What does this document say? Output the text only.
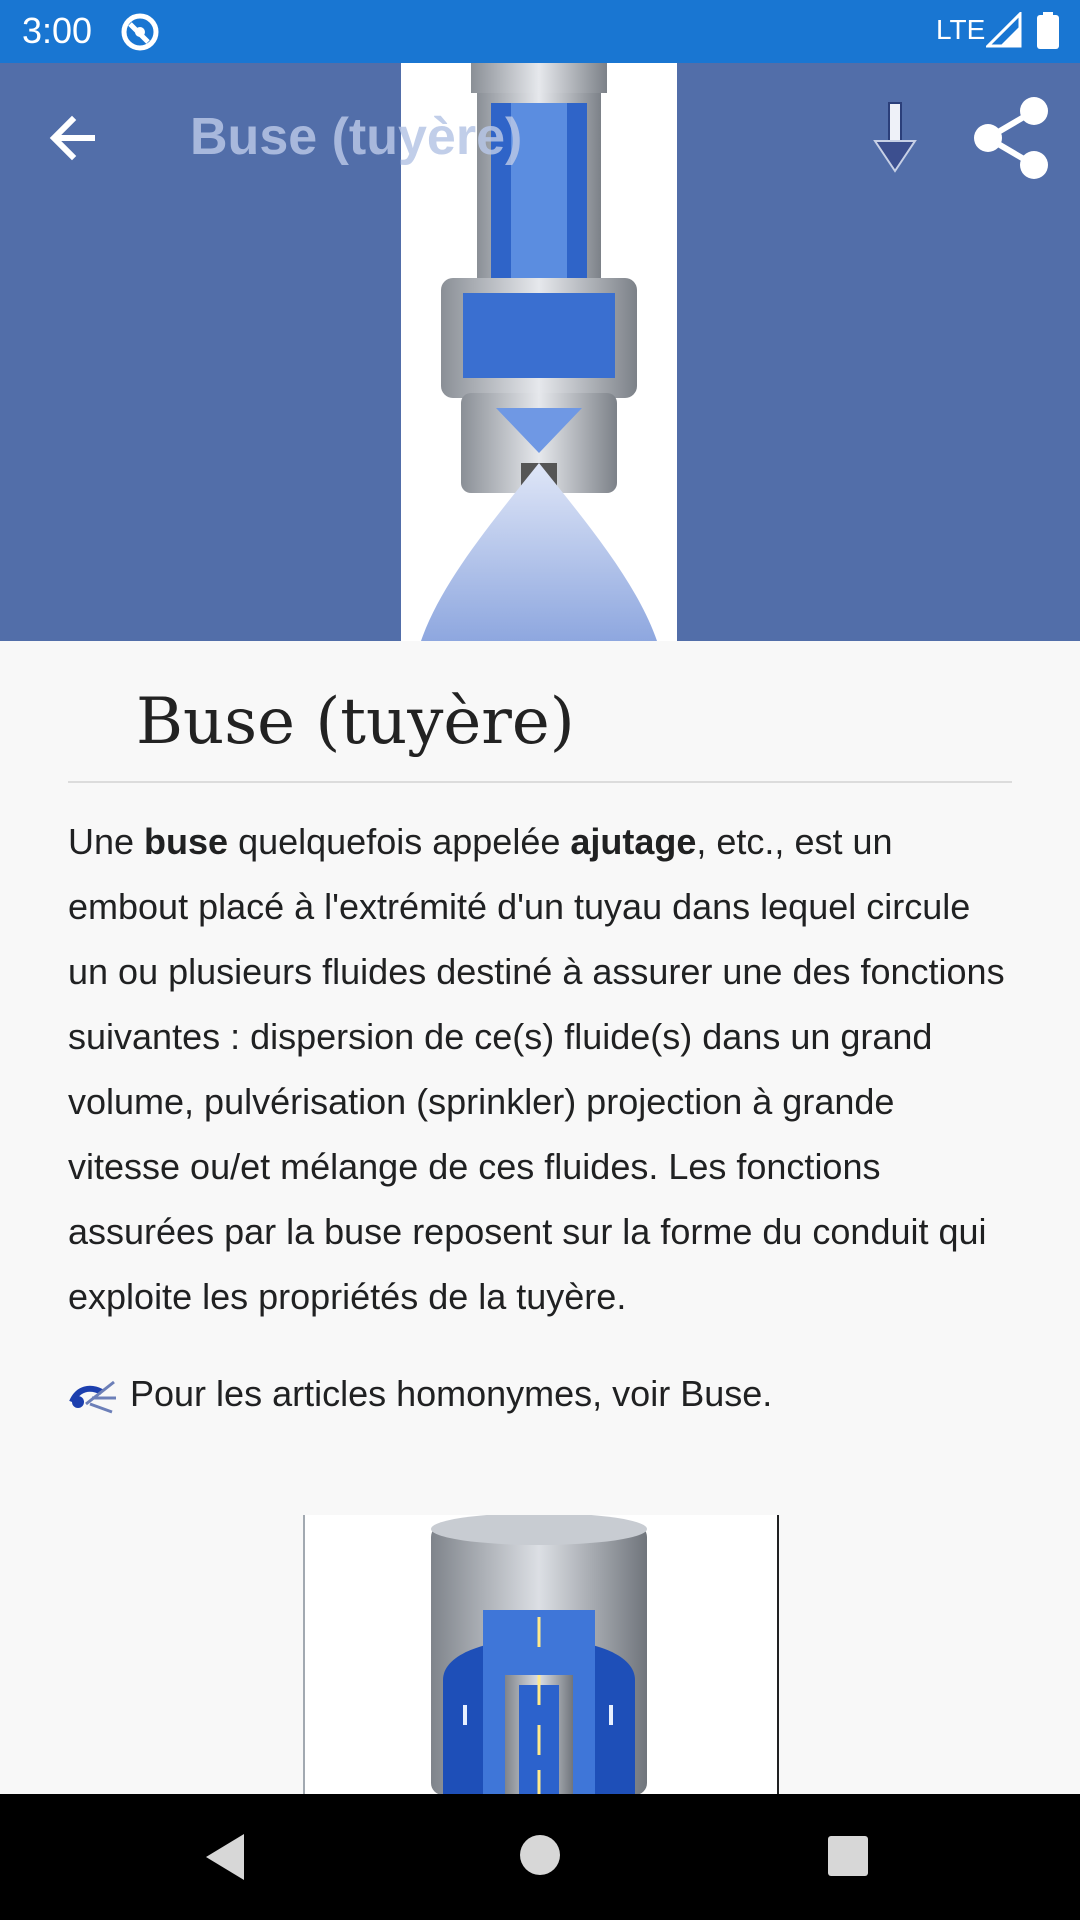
3:00	LTE
Buse (tuyère)
Buse (tuyère)

Une buse quelquefois appelée ajutage, etc., est un embout placé à l'extrémité d'un tuyau dans lequel circule un ou plusieurs fluides destiné à assurer une des fonctions suivantes : dispersion de ce(s) fluide(s) dans un grand volume, pulvérisation (sprinkler) projection à grande vitesse ou/et mélange de ces fluides. Les fonctions assurées par la buse reposent sur la forme du conduit qui exploite les propriétés de la tuyère.

Pour les articles homonymes, voir Buse.
